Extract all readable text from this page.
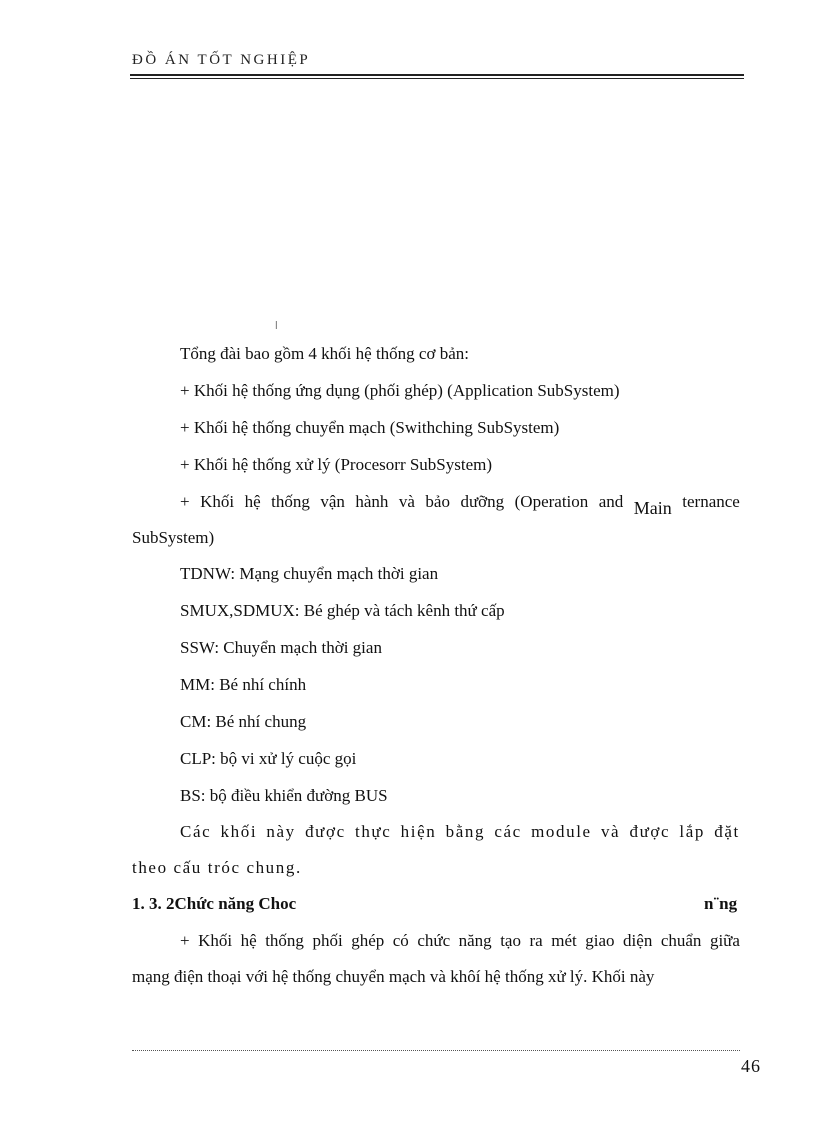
ĐỒ ÁN TỐT NGHIỆP
ǀ
Tổng đài bao gồm 4 khối hệ thống cơ bản:
+ Khối hệ thống ứng dụng (phối ghép) (Application SubSystem)
+ Khối hệ thống chuyển mạch (Swithching SubSystem)
+ Khối hệ thống xử lý (Procesorr SubSystem)
+ Khối hệ thống vận hành và bảo dưỡng (Operation and Main ternance
SubSystem)
TDNW: Mạng chuyển mạch thời gian
SMUX,SDMUX: Bé ghép và tách kênh thứ cấp
SSW: Chuyển mạch thời gian
MM: Bé nhí chính
CM: Bé nhí chung
CLP: bộ vi xử lý cuộc gọi
BS: bộ điều khiển đường BUS
Các khối này được thực hiện bằng các module và được lắp đặt
theo cấu tróc chung.
1. 3. 2Chức năng Choc	n¨ng
+ Khối hệ thống phối ghép có chức năng tạo ra mét giao diện chuẩn giữa
mạng điện thoại với hệ thống chuyển mạch và khôí hệ thống xử lý. Khối này
46
